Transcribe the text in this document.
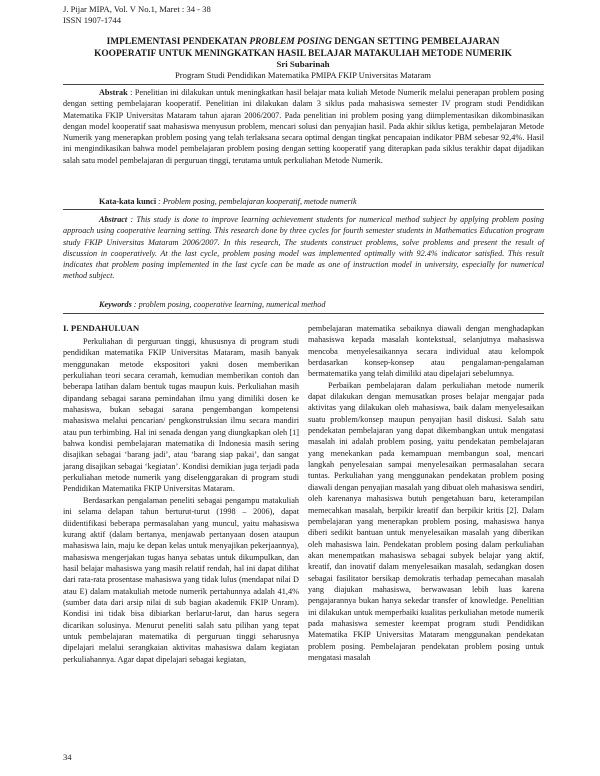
J. Pijar MIPA, Vol. V No.1, Maret : 34 - 38
ISSN 1907-1744
IMPLEMENTASI PENDEKATAN PROBLEM POSING DENGAN SETTING PEMBELAJARAN
KOOPERATIF UNTUK MENINGKATKAN HASIL BELAJAR MATAKULIAH METODE NUMERIK
Sri Subarinah
Program Studi Pendidikan Matematika PMIPA FKIP Universitas Mataram
Abstrak : Penelitian ini dilakukan untuk meningkatkan hasil belajar mata kuliah Metode Numerik melalui penerapan problem posing dengan setting pembelajaran kooperatif. Penelitian ini dilakukan dalam 3 siklus pada mahasiswa semester IV program studi Pendidikan Matematika FKIP Universitas Mataram tahun ajaran 2006/2007. Pada penelitian ini problem posing yang diimplementasikan dikombinasikan dengan model kooperatif saat mahasiswa menyusun problem, mencari solusi dan penyajian hasil. Pada akhir siklus ketiga, pembelajaran Metode Numerik yang menerapkan problem posing yang telah terlaksana secara optimal dengan tingkat pencapaian indikator PBM sebesar 92,4%. Hasil ini mengindikasikan bahwa model pembelajaran problem posing dengan setting kooperatif yang diterapkan pada siklus terakhir dapat dijadikan salah satu model pembelajaran di perguruan tinggi, terutama untuk perkuliahan Metode Numerik.
Kata-kata kunci : Problem posing, pembelajaran kooperatif, metode numerik
Abstract : This study is done to improve learning achievement students for numerical method subject by applying problem posing approach using cooperative learning setting. This research done by three cycles for fourth semester students in Mathematics Education program study FKIP Universitas Mataram 2006/2007. In this research, The students construct problems, solve problems and present the result of discussion in cooperatively. At the last cycle, problem posing model was implemented optimally with 92.4% indicator satisfied. This result indicates that problem posing implemented in the last cycle can be made as one of instruction model in university, especially for numerical method subject.
Keywords : problem posing, cooperative learning, numerical method
I. PENDAHULUAN

Perkuliahan di perguruan tinggi, khususnya di program studi pendidikan matematika FKIP Universitas Mataram, masih banyak menggunakan metode ekspositori yakni dosen memberikan perkuliahan teori secara ceramah, kemudian memberikan contoh dan beberapa latihan dalam bentuk tugas maupun kuis. Perkuliahan masih dipandang sebagai sarana pemindahan ilmu yang dimiliki dosen ke mahasiswa, bukan sebagai sarana pengembangan kompetensi mahasiswa melalui pencarian/ pengkonstruksian ilmu secara mandiri atau pun terbimbing. Hal ini senada dengan yang diungkapkan oleh [1] bahwa kondisi pembelajaran matematika di Indonesia masih sering disajikan sebagai ‘barang jadi’, atau ‘barang siap pakai’, dan sangat jarang disajikan sebagai ‘kegiatan’. Kondisi demikian juga terjadi pada perkuliahan metode numerik yang diselenggarakan di program studi Pendidikan Matematika FKIP Universitas Mataram.

Berdasarkan pengalaman peneliti sebagai pengampu matakuliah ini selama delapan tahun berturut-turut (1998 – 2006), dapat diidentifikasi beberapa permasalahan yang muncul, yaitu mahasiswa kurang aktif (dalam bertanya, menjawab pertanyaan dosen ataupun mahasiswa lain, maju ke depan kelas untuk menyajikan pekerjaannya), mahasiswa mengerjakan tugas hanya sebatas untuk dikumpulkan, dan hasil belajar mahasiswa yang masih relatif rendah, hal ini dapat dilihat dari rata-rata prosentase mahasiswa yang tidak lulus (mendapat nilai D atau E) dalam matakuliah metode numerik pertahunnya adalah 41,4% (sumber data dari arsip nilai di sub bagian akademik FKIP Unram). Kondisi ini tidak bisa dibiarkan berlarut-larut, dan harus segera dicarikan solusinya. Menurut peneliti salah satu pilihan yang tepat untuk pembelajaran matematika di perguruan tinggi seharusnya dipelajari melalui serangkaian aktivitas mahasiswa dalam kegiatan perkuliahannya. Agar dapat dipelajari sebagai kegiatan,

pembelajaran matematika sebaiknya diawali dengan menghadapkan mahasiswa kepada masalah kontekstual, selanjutnya mahasiswa mencoba menyelesaikannya secara individual atau kelompok berdasarkan konsep-konsep atau pengalaman-pengalaman bermatematika yang telah dimiliki atau dipelajari sebelumnya.

Perbaikan pembelajaran dalam perkuliahan metode numerik dapat dilakukan dengan memusatkan proses belajar mengajar pada aktivitas yang dilakukan oleh mahasiswa, baik dalam menyelesaikan suatu problem/konsep maupun penyajian hasil diskusi. Salah satu pendekatan pembelajaran yang dapat dikembangkan untuk mengatasi masalah ini adalah problem posing, yaitu pendekatan pembelajaran yang menekankan pada kemampuan membangun soal, mencari langkah penyelesaian sampai menyelesaikan permasalahan secara tuntas. Perkuliahan yang menggunakan pendekatan problem posing diawali dengan penyajian masalah yang dibuat oleh mahasiswa sendiri, oleh karenanya mahasiswa butuh pengetahuan baru, keterampilan memecahkan masalah, berpikir kreatif dan berpikir kritis [2]. Dalam pembelajaran yang menerapkan problem posing, mahasiswa hanya diberi sedikit bantuan untuk menyelesaikan masalah yang diberikan oleh mahasiswa lain. Pendekatan problem posing dalam perkuliahan akan menempatkan mahasiswa sebagai subyek belajar yang aktif, kreatif, dan inovatif dalam menyelesaikan masalah, sedangkan dosen sebagai fasilitator bersikap demokratis terhadap pemecahan masalah yang diajukan mahasiswa, berwawasan lebih luas karena pengajarannya bukan hanya sekedar transfer of knowledge. Penelitian ini dilakukan untuk memperbaiki kualitas perkuliahan metode numerik pada mahasiswa semester keempat program studi Pendidikan Matematika FKIP Universitas Mataram menggunakan pendekatan problem posing. Pembelajaran pendekatan problem posing untuk mengatasi masalah

34
